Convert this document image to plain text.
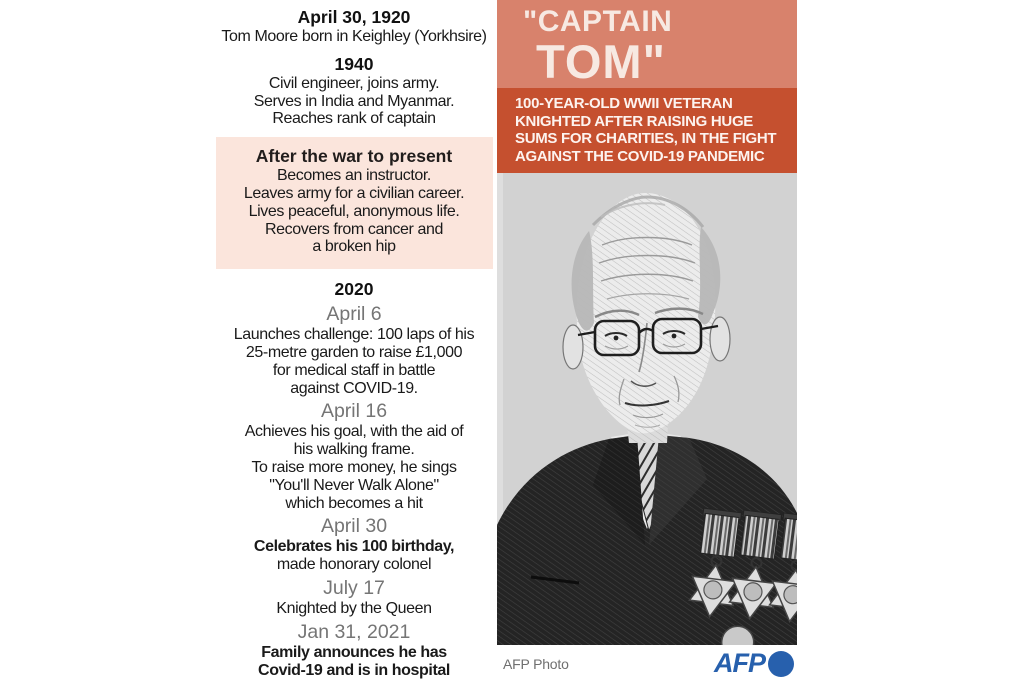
April 30, 1920
Tom Moore born in Keighley (Yorkhsire)
1940
Civil engineer, joins army.
Serves in India and Myanmar.
Reaches rank of captain
After the war to present
Becomes an instructor.
Leaves army for a civilian career.
Lives peaceful, anonymous life.
Recovers from cancer and
a broken hip
2020
April 6
Launches challenge: 100 laps of his
25-metre garden to raise £1,000
for medical staff in battle
against COVID-19.
April 16
Achieves his goal, with the aid of
his walking frame.
To raise more money, he sings
"You'll Never Walk Alone"
which becomes a hit
April 30
Celebrates his 100 birthday,
made honorary colonel
July 17
Knighted by the Queen
Jan 31, 2021
Family announces he has
Covid-19 and is in hospital
"CAPTAIN
TOM"
100-YEAR-OLD WWII VETERAN
KNIGHTED AFTER RAISING HUGE
SUMS FOR CHARITIES, IN THE FIGHT
AGAINST THE COVID-19 PANDEMIC
AFP Photo	AFP
